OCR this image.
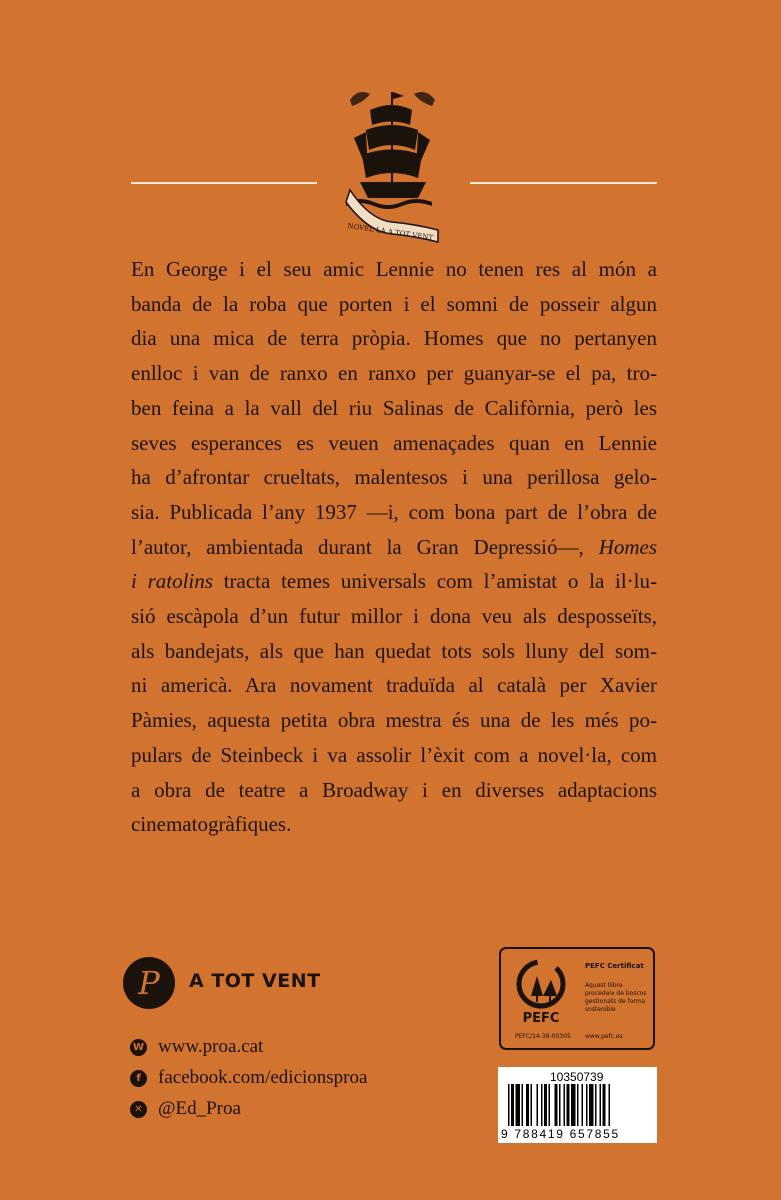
NOVEL·LA A TOT VENT
En George i el seu amic Lennie no tenen res al món a
banda de la roba que porten i el somni de posseir algun
dia una mica de terra pròpia. Homes que no pertanyen
enlloc i van de ranxo en ranxo per guanyar-se el pa, tro-
ben feina a la vall del riu Salinas de Califòrnia, però les
seves esperances es veuen amenaçades quan en Lennie
ha d’afrontar crueltats, malentesos i una perillosa gelo-
sia. Publicada l’any 1937 —i, com bona part de l’obra de
l’autor, ambientada durant la Gran Depressió—, Homes
i ratolins tracta temes universals com l’amistat o la il·lu-
sió escàpola d’un futur millor i dona veu als desposseïts,
als bandejats, als que han quedat tots sols lluny del som-
ni americà. Ara novament traduïda al català per Xavier
Pàmies, aquesta petita obra mestra és una de les més po-
pulars de Steinbeck i va assolir l’èxit com a novel·la, com
a obra de teatre a Broadway i en diverses adaptacions
cinematogràfiques.
P A TOT VENT
W www.proa.cat
f facebook.com/edicionsproa
✕ @Ed_Proa
PEFC
PEFC Certificat
Aquest llibre procedeix de boscos gestionats de forma sostenible
PEFC/14-38-00305 www.pefc.es
10350739
9 788419 657855
